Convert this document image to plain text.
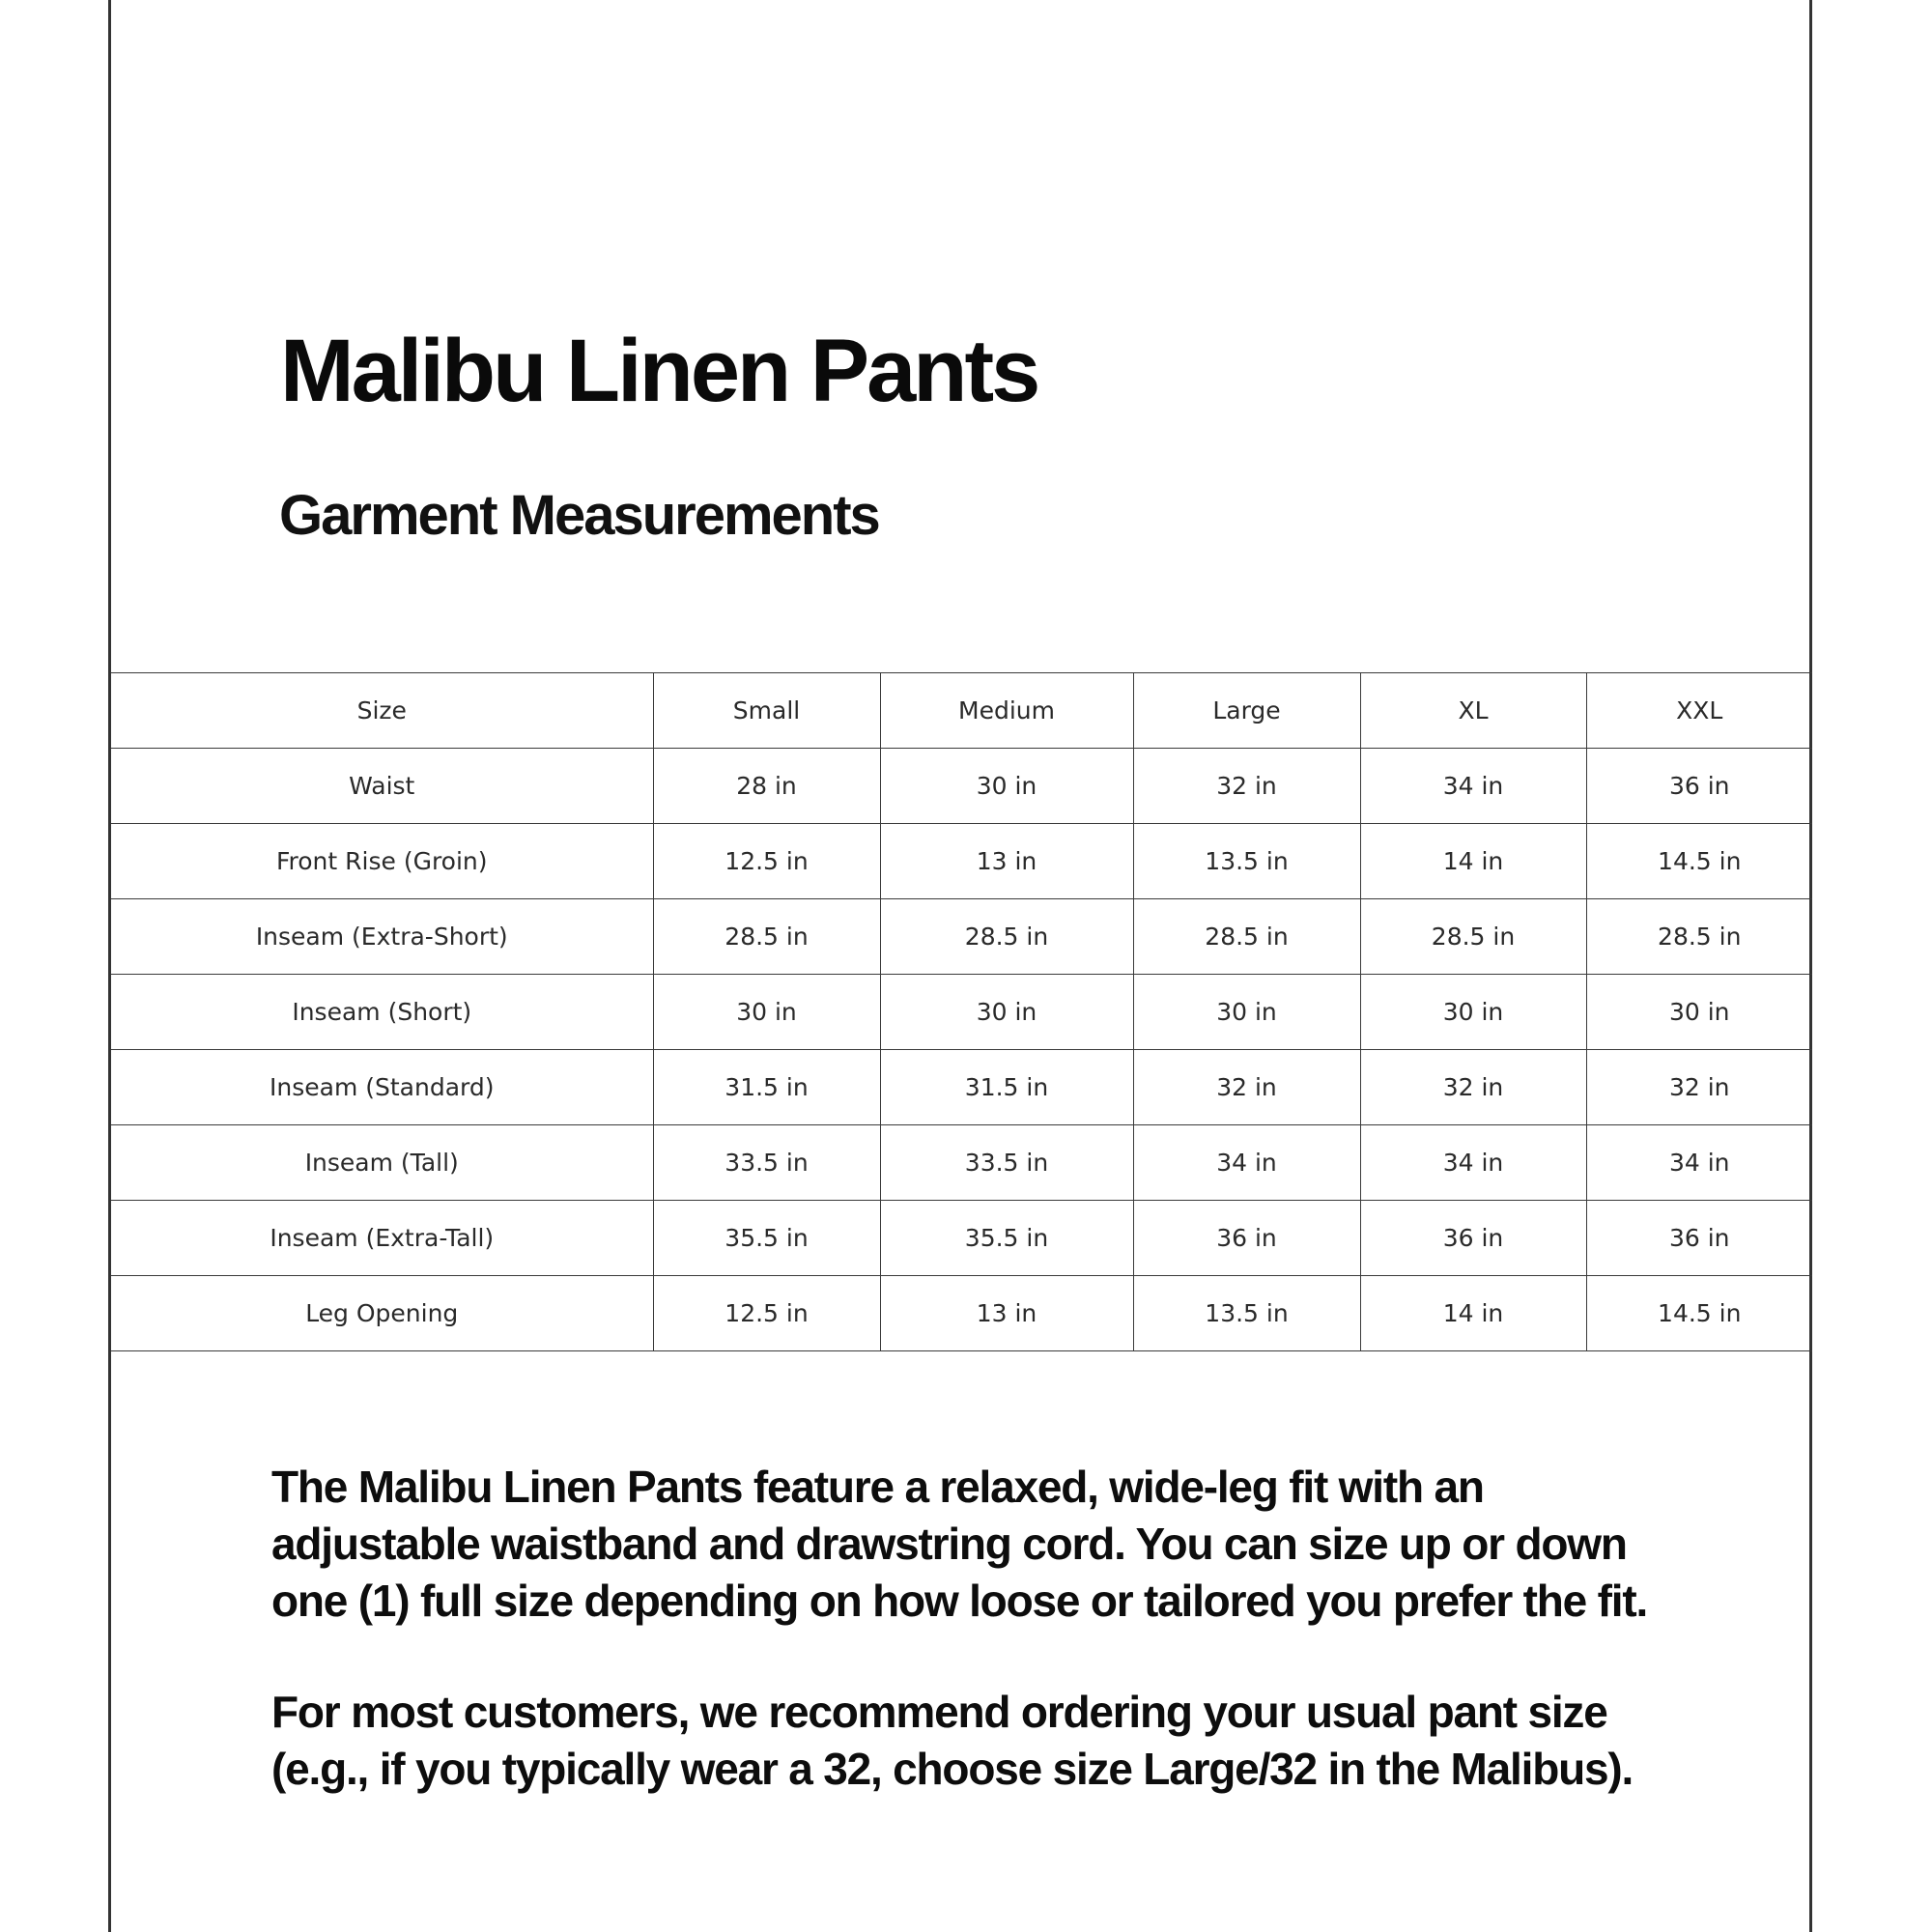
Malibu Linen Pants
Garment Measurements
Size	Small	Medium	Large	XL	XXL
Waist	28 in	30 in	32 in	34 in	36 in
Front Rise (Groin)	12.5 in	13 in	13.5 in	14 in	14.5 in
Inseam (Extra-Short)	28.5 in	28.5 in	28.5 in	28.5 in	28.5 in
Inseam (Short)	30 in	30 in	30 in	30 in	30 in
Inseam (Standard)	31.5 in	31.5 in	32 in	32 in	32 in
Inseam (Tall)	33.5 in	33.5 in	34 in	34 in	34 in
Inseam (Extra-Tall)	35.5 in	35.5 in	36 in	36 in	36 in
Leg Opening	12.5 in	13 in	13.5 in	14 in	14.5 in

The Malibu Linen Pants feature a relaxed, wide-leg fit with an adjustable waistband and drawstring cord. You can size up or down one (1) full size depending on how loose or tailored you prefer the fit.

For most customers, we recommend ordering your usual pant size (e.g., if you typically wear a 32, choose size Large/32 in the Malibus).
